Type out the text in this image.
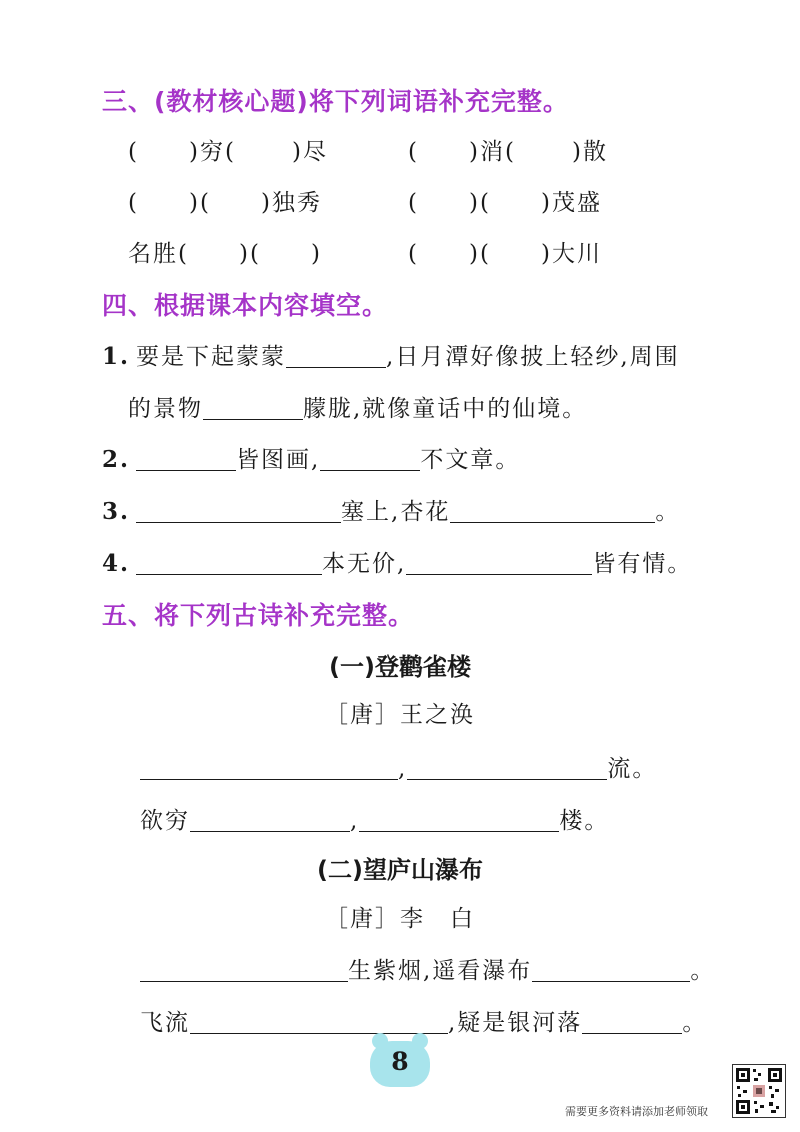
三、(教材核心题)将下列词语补充完整。
( )穷( )尽	( )消( )散
( )( )独秀	( )( )茂盛
名胜( )( )	( )( )大川
四、根据课本内容填空。
1. 要是下起蒙蒙	,日月潭好像披上轻纱,周围
的景物	朦胧,就像童话中的仙境。
2.	皆图画,	不文章。
3.	塞上,杏花	。
4.	本无价,	皆有情。
五、将下列古诗补充完整。
(一)登鹳雀楼
［唐］王之涣
,	流。
欲穷	,	楼。
(二)望庐山瀑布
［唐］李　白
生紫烟,遥看瀑布	。
飞流	,疑是银河落	。
8
需要更多资料请添加老师领取
